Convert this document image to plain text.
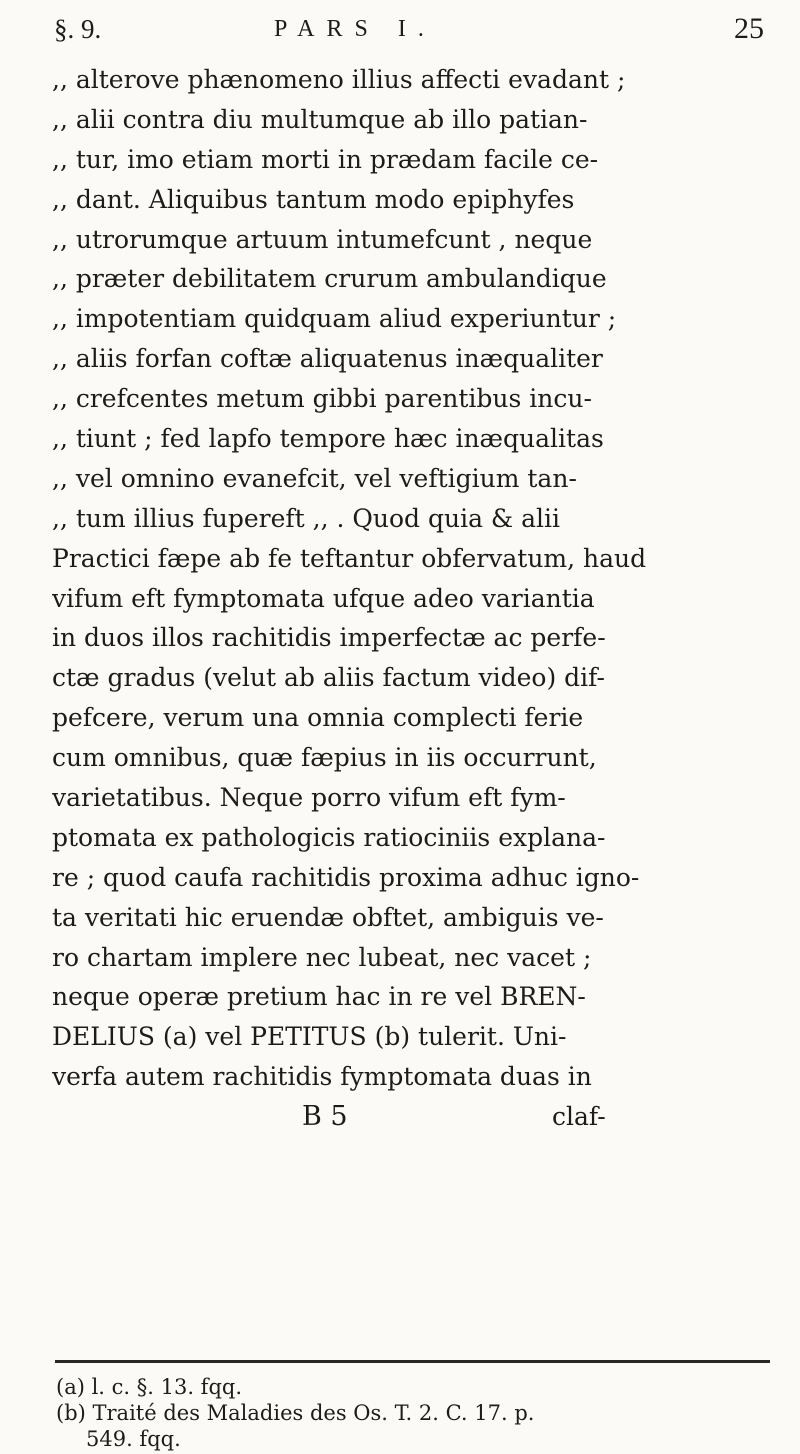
§. 9.	PARS I.	25
,, alterove phænomeno illius affecti evadant ;
,, alii contra diu multumque ab illo patian-
,, tur, imo etiam morti in prædam facile ce-
,, dant. Aliquibus tantum modo epiphyfes
,, utrorumque artuum intumefcunt , neque
,, præter debilitatem crurum ambulandique
,, impotentiam quidquam aliud experiuntur ;
,, aliis forfan coftæ aliquatenus inæqualiter
,, crefcentes metum gibbi parentibus incu-
,, tiunt ; fed lapfo tempore hæc inæqualitas
,, vel omnino evanefcit, vel veftigium tan-
,, tum illius fupereft ,, . Quod quia & alii
Practici fæpe ab fe teftantur obfervatum, haud
vifum eft fymptomata ufque adeo variantia
in duos illos rachitidis imperfectæ ac perfe-
ctæ gradus (velut ab aliis factum video) dif-
pefcere, verum una omnia complecti ferie
cum omnibus, quæ fæpius in iis occurrunt,
varietatibus. Neque porro vifum eft fym-
ptomata ex pathologicis ratiociniis explana-
re ; quod caufa rachitidis proxima adhuc igno-
ta veritati hic eruendæ obftet, ambiguis ve-
ro chartam implere nec lubeat, nec vacet ;
neque operæ pretium hac in re vel BREN-
DELIUS (a) vel PETITUS (b) tulerit. Uni-
verfa autem rachitidis fymptomata duas in
B 5	claf-
(a) l. c. §. 13. fqq.
(b) Traité des Maladies des Os. T. 2. C. 17. p.
549. fqq.
